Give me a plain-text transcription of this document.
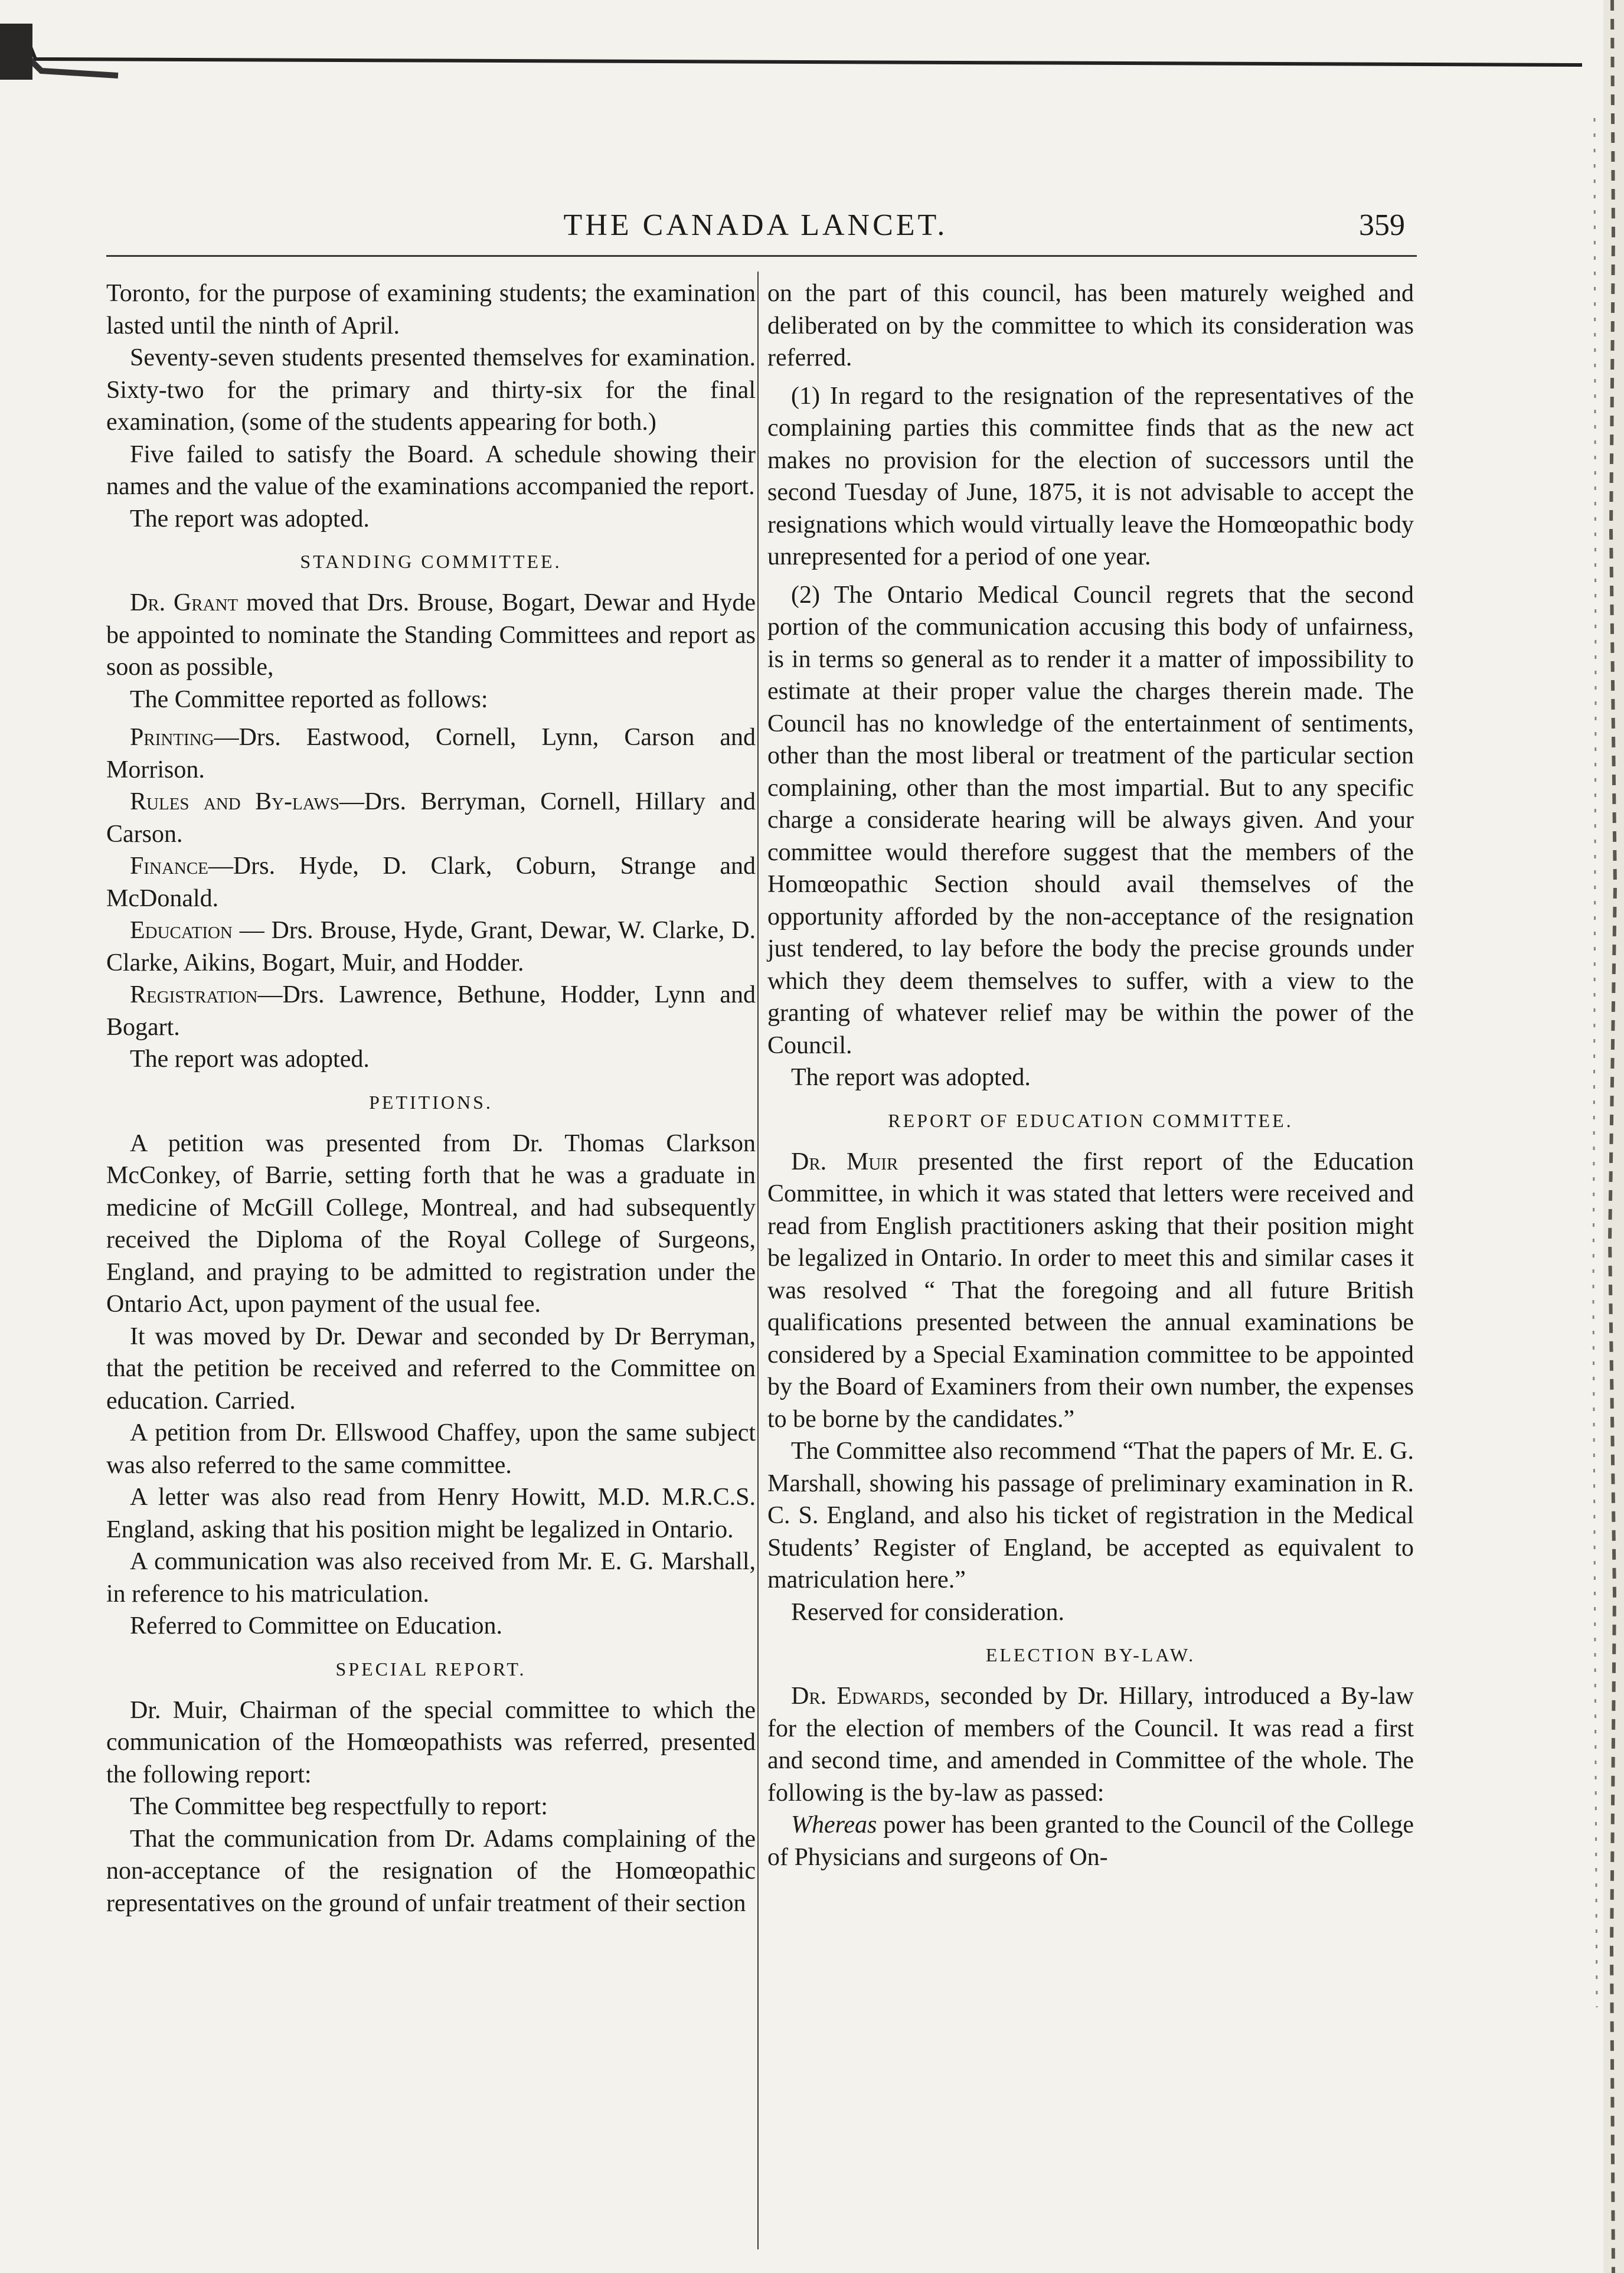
THE CANADA LANCET.	359

Toronto, for the purpose of examining students; the examination lasted until the ninth of April.

Seventy-seven students presented themselves for examination. Sixty-two for the primary and thirty-six for the final examination, (some of the students appearing for both.)

Five failed to satisfy the Board. A schedule showing their names and the value of the examinations accompanied the report.

The report was adopted.

STANDING COMMITTEE.

Dr. Grant moved that Drs. Brouse, Bogart, Dewar and Hyde be appointed to nominate the Standing Committees and report as soon as possible,

The Committee reported as follows:

Printing—Drs. Eastwood, Cornell, Lynn, Carson and Morrison.

Rules and By-laws—Drs. Berryman, Cornell, Hillary and Carson.

Finance—Drs. Hyde, D. Clark, Coburn, Strange and McDonald.

Education — Drs. Brouse, Hyde, Grant, Dewar, W. Clarke, D. Clarke, Aikins, Bogart, Muir, and Hodder.

Registration—Drs. Lawrence, Bethune, Hodder, Lynn and Bogart.

The report was adopted.

PETITIONS.

A petition was presented from Dr. Thomas Clarkson McConkey, of Barrie, setting forth that he was a graduate in medicine of McGill College, Montreal, and had subsequently received the Diploma of the Royal College of Surgeons, England, and praying to be admitted to registration under the Ontario Act, upon payment of the usual fee.

It was moved by Dr. Dewar and seconded by Dr Berryman, that the petition be received and referred to the Committee on education. Carried.

A petition from Dr. Ellswood Chaffey, upon the same subject was also referred to the same committee.

A letter was also read from Henry Howitt, M.D. M.R.C.S. England, asking that his position might be legalized in Ontario.

A communication was also received from Mr. E. G. Marshall, in reference to his matriculation.

Referred to Committee on Education.

SPECIAL REPORT.

Dr. Muir, Chairman of the special committee to which the communication of the Homœopathists was referred, presented the following report:

The Committee beg respectfully to report:

That the communication from Dr. Adams complaining of the non-acceptance of the resignation of the Homœopathic representatives on the ground of unfair treatment of their section

on the part of this council, has been maturely weighed and deliberated on by the committee to which its consideration was referred.

(1) In regard to the resignation of the representatives of the complaining parties this committee finds that as the new act makes no provision for the election of successors until the second Tuesday of June, 1875, it is not advisable to accept the resignations which would virtually leave the Homœopathic body unrepresented for a period of one year.

(2) The Ontario Medical Council regrets that the second portion of the communication accusing this body of unfairness, is in terms so general as to render it a matter of impossibility to estimate at their proper value the charges therein made. The Council has no knowledge of the entertainment of sentiments, other than the most liberal or treatment of the particular section complaining, other than the most impartial. But to any specific charge a considerate hearing will be always given. And your committee would therefore suggest that the members of the Homœopathic Section should avail themselves of the opportunity afforded by the non-acceptance of the resignation just tendered, to lay before the body the precise grounds under which they deem themselves to suffer, with a view to the granting of whatever relief may be within the power of the Council.

The report was adopted.

REPORT OF EDUCATION COMMITTEE.

Dr. Muir presented the first report of the Education Committee, in which it was stated that letters were received and read from English practitioners asking that their position might be legalized in Ontario. In order to meet this and similar cases it was resolved “ That the foregoing and all future British qualifications presented between the annual examinations be considered by a Special Examination committee to be appointed by the Board of Examiners from their own number, the expenses to be borne by the candidates.”

The Committee also recommend “That the papers of Mr. E. G. Marshall, showing his passage of preliminary examination in R. C. S. England, and also his ticket of registration in the Medical Students’ Register of England, be accepted as equivalent to matriculation here.”

Reserved for consideration.

ELECTION BY-LAW.

Dr. Edwards, seconded by Dr. Hillary, introduced a By-law for the election of members of the Council. It was read a first and second time, and amended in Committee of the whole. The following is the by-law as passed:

Whereas power has been granted to the Council of the College of Physicians and surgeons of On-
